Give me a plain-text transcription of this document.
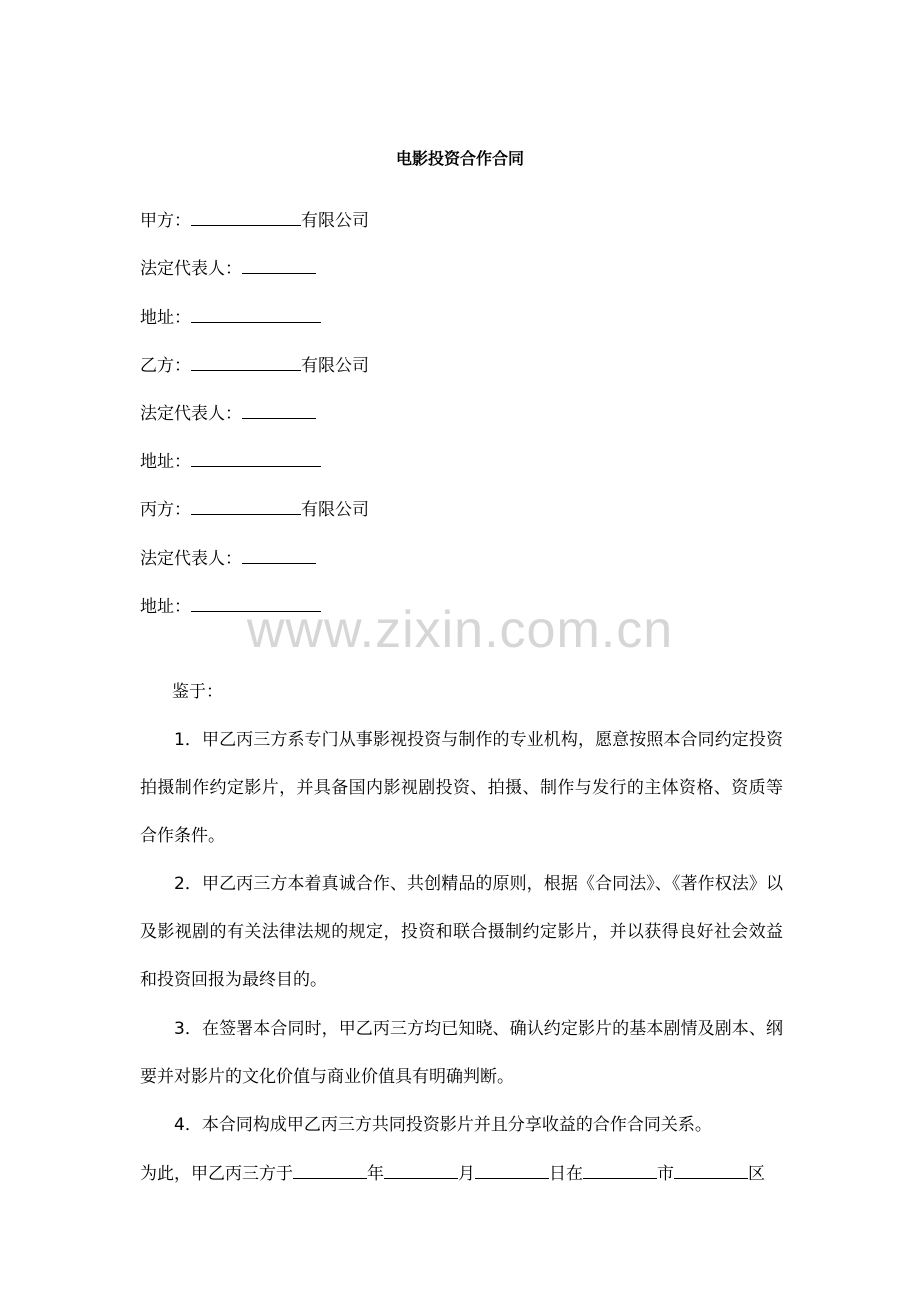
电影投资合作合同
甲方：	有限公司
法定代表人：
地址：
乙方：	有限公司
法定代表人：
地址：
丙方：	有限公司
法定代表人：
地址：	www.zixin.com.cn
鉴于：
1．甲乙丙三方系专门从事影视投资与制作的专业机构，愿意按照本合同约定投资拍摄制作约定影片，并具备国内影视剧投资、拍摄、制作与发行的主体资格、资质等合作条件。
2．甲乙丙三方本着真诚合作、共创精品的原则，根据《合同法》、《著作权法》以及影视剧的有关法律法规的规定，投资和联合摄制约定影片，并以获得良好社会效益和投资回报为最终目的。
3．在签署本合同时，甲乙丙三方均已知晓、确认约定影片的基本剧情及剧本、纲要并对影片的文化价值与商业价值具有明确判断。
4．本合同构成甲乙丙三方共同投资影片并且分享收益的合作合同关系。
为此，甲乙丙三方于	年	月	日在	市	区
